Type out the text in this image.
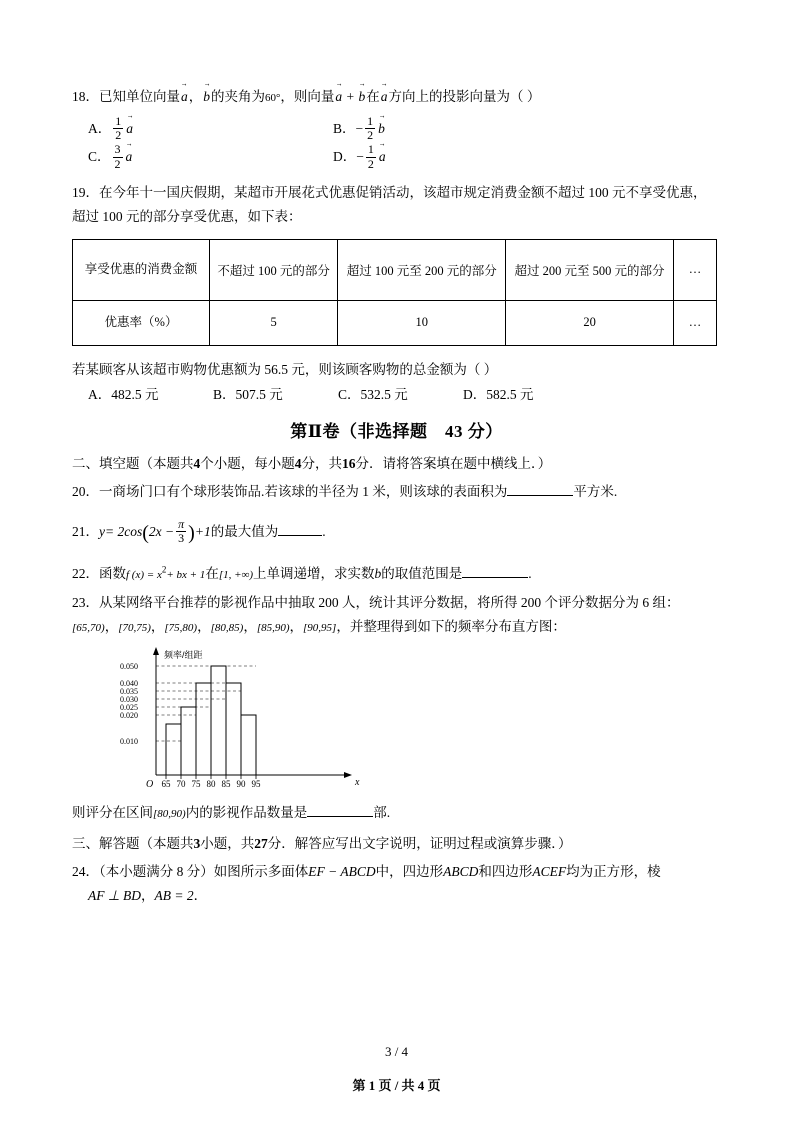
18．已知单位向量a →，b →的夹角为60°，则向量a → + b →在a →方向上的投影向量为（ ）
A． $\frac{1}{2}$ a →	B．− $\frac{1}{2}$ b →
C． $\frac{3}{2}$ a →	D．− $\frac{1}{2}$ a →
19．在今年十一国庆假期，某超市开展花式优惠促销活动，该超市规定消费金额不超过 100 元不享受优惠，
超过 100 元的部分享受优惠，如下表：
享受优惠的消费金额	不超过 100 元的部分	超过 100 元至 200 元的部分	超过 200 元至 500 元的部分	…
优惠率（%）	5	10	20	…
若某顾客从该超市购物优惠额为 56.5 元，则该顾客购物的总金额为（ ）
A．482.5 元	B．507.5 元	C．532.5 元	D．582.5 元
第Ⅱ卷（非选择题　43 分）
二、填空题（本题共4个小题，每小题4分，共16分．请将答案填在题中横线上．）
20．一商场门口有个球形装饰品.若该球的半径为 1 米，则该球的表面积为	平方米.
21．$y= 2\cos(2x - \frac{\pi}{3} )+1$的最大值为	.
22．函数f $(x) = x^2+$ bx + 1在[1, +∞)上单调递增，求实数b的取值范围是	.
23．从某网络平台推荐的影视作品中抽取 200 人，统计其评分数据，将所得 200 个评分数据分为 6 组：
[65,70)，[70,75)，[75,80)，[80,85)，[85,90)，[90,95]，并整理得到如下的频率分布直方图：
0.050
0.040
0.035
0.030
0.025
0.020
0.010
65 70 75 80 85 90 95
O
频率/组距
x
则评分在区间[80,90)内的影视作品数量是	部.
三、解答题（本题共3小题，共27分．解答应写出文字说明，证明过程或演算步骤．）
24．（本小题满分 8 分）如图所示多面体EF − ABCD中，四边形ABCD和四边形ACEF均为正方形，棱
AF ⊥ BD，AB = 2．
3 / 4
第 1 页 / 共 4 页
